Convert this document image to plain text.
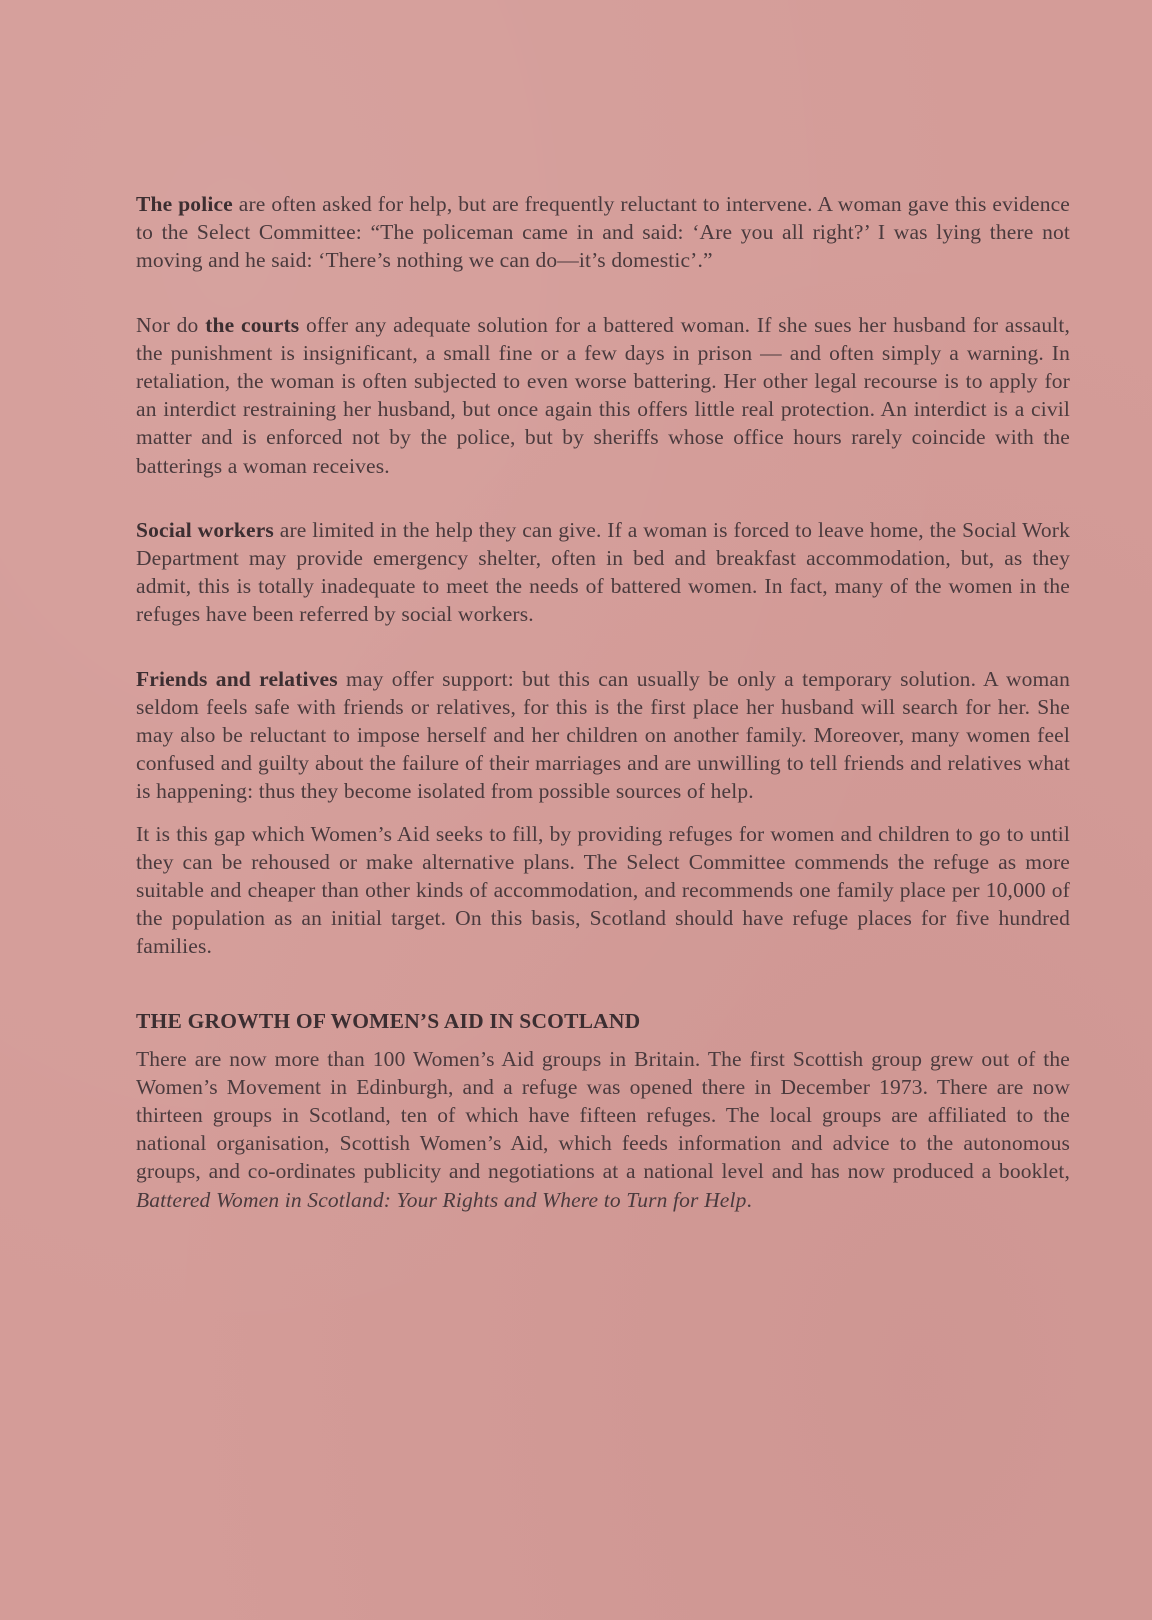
The police are often asked for help, but are frequently reluctant to intervene. A woman gave this evidence to the Select Committee: “The policeman came in and said: ‘Are you all right?’ I was lying there not moving and he said: ‘There’s nothing we can do—it’s domestic’.”

Nor do the courts offer any adequate solution for a battered woman. If she sues her husband for assault, the punishment is insignificant, a small fine or a few days in prison — and often simply a warning. In retaliation, the woman is often subjected to even worse battering. Her other legal recourse is to apply for an interdict restraining her husband, but once again this offers little real protection. An interdict is a civil matter and is enforced not by the police, but by sheriffs whose office hours rarely coincide with the batterings a woman receives.

Social workers are limited in the help they can give. If a woman is forced to leave home, the Social Work Department may provide emergency shelter, often in bed and breakfast accommodation, but, as they admit, this is totally inadequate to meet the needs of battered women. In fact, many of the women in the refuges have been referred by social workers.

Friends and relatives may offer support: but this can usually be only a temporary solution. A woman seldom feels safe with friends or relatives, for this is the first place her husband will search for her. She may also be reluctant to impose herself and her children on another family. Moreover, many women feel confused and guilty about the failure of their marriages and are unwilling to tell friends and relatives what is happening: thus they become isolated from possible sources of help.

It is this gap which Women’s Aid seeks to fill, by providing refuges for women and children to go to until they can be rehoused or make alternative plans. The Select Committee commends the refuge as more suitable and cheaper than other kinds of accommodation, and recommends one family place per 10,000 of the population as an initial target. On this basis, Scotland should have refuge places for five hundred families.

THE GROWTH OF WOMEN’S AID IN SCOTLAND

There are now more than 100 Women’s Aid groups in Britain. The first Scottish group grew out of the Women’s Movement in Edinburgh, and a refuge was opened there in December 1973. There are now thirteen groups in Scotland, ten of which have fifteen refuges. The local groups are affiliated to the national organisation, Scottish Women’s Aid, which feeds information and advice to the autonomous groups, and co-ordinates publicity and negotiations at a national level and has now produced a booklet, Battered Women in Scotland: Your Rights and Where to Turn for Help.
